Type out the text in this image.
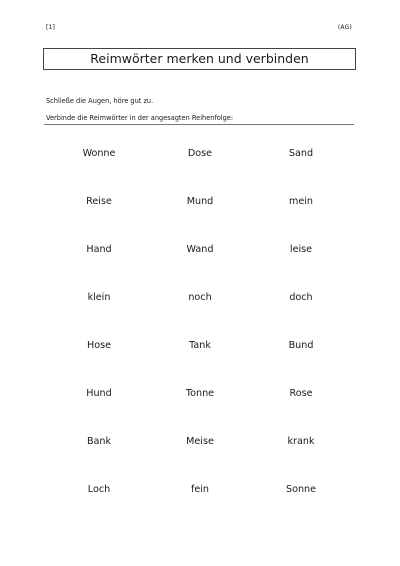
[1]	(AG)
Reimwörter merken und verbinden
Schließe die Augen, höre gut zu.
Verbinde die Reimwörter in der angesagten Reihenfolge:
Wonne	Dose	Sand
Reise	Mund	mein
Hand	Wand	leise
klein	noch	doch
Hose	Tank	Bund
Hund	Tonne	Rose
Bank	Meise	krank
Loch	fein	Sonne
